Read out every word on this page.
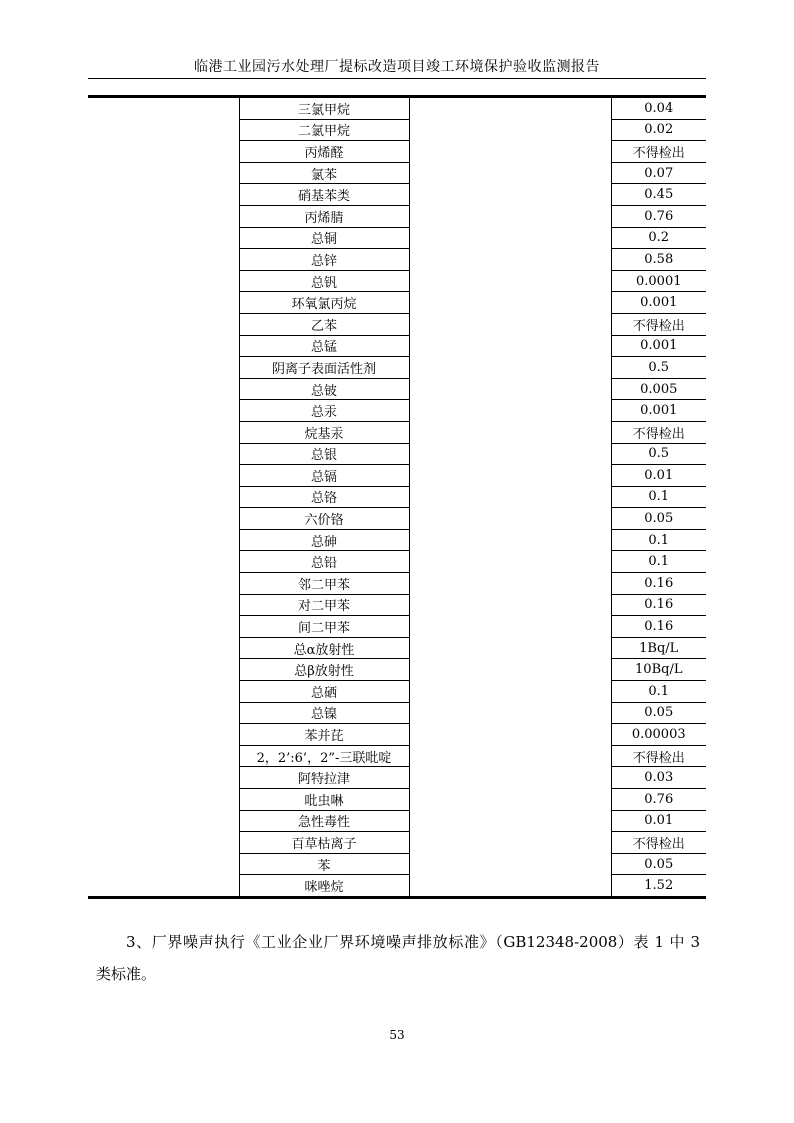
临港工业园污水处理厂提标改造项目竣工环境保护验收监测报告
	三氯甲烷		0.04
	二氯甲烷		0.02
	丙烯醛		不得检出
	氯苯		0.07
	硝基苯类		0.45
	丙烯腈		0.76
	总铜		0.2
	总锌		0.58
	总钒		0.0001
	环氧氯丙烷		0.001
	乙苯		不得检出
	总锰		0.001
	阴离子表面活性剂		0.5
	总铍		0.005
	总汞		0.001
	烷基汞		不得检出
	总银		0.5
	总镉		0.01
	总铬		0.1
	六价铬		0.05
	总砷		0.1
	总铅		0.1
	邻二甲苯		0.16
	对二甲苯		0.16
	间二甲苯		0.16
	总α放射性		1Bq/L
	总β放射性		10Bq/L
	总硒		0.1
	总镍		0.05
	苯并芘		0.00003
	2，2’:6’，2”-三联吡啶		不得检出
	阿特拉津		0.03
	吡虫啉		0.76
	急性毒性		0.01
	百草枯离子		不得检出
	苯		0.05
	咪唑烷		1.52
3、厂界噪声执行《工业企业厂界环境噪声排放标准》（GB12348-2008）表 1 中 3 类标准。
53
